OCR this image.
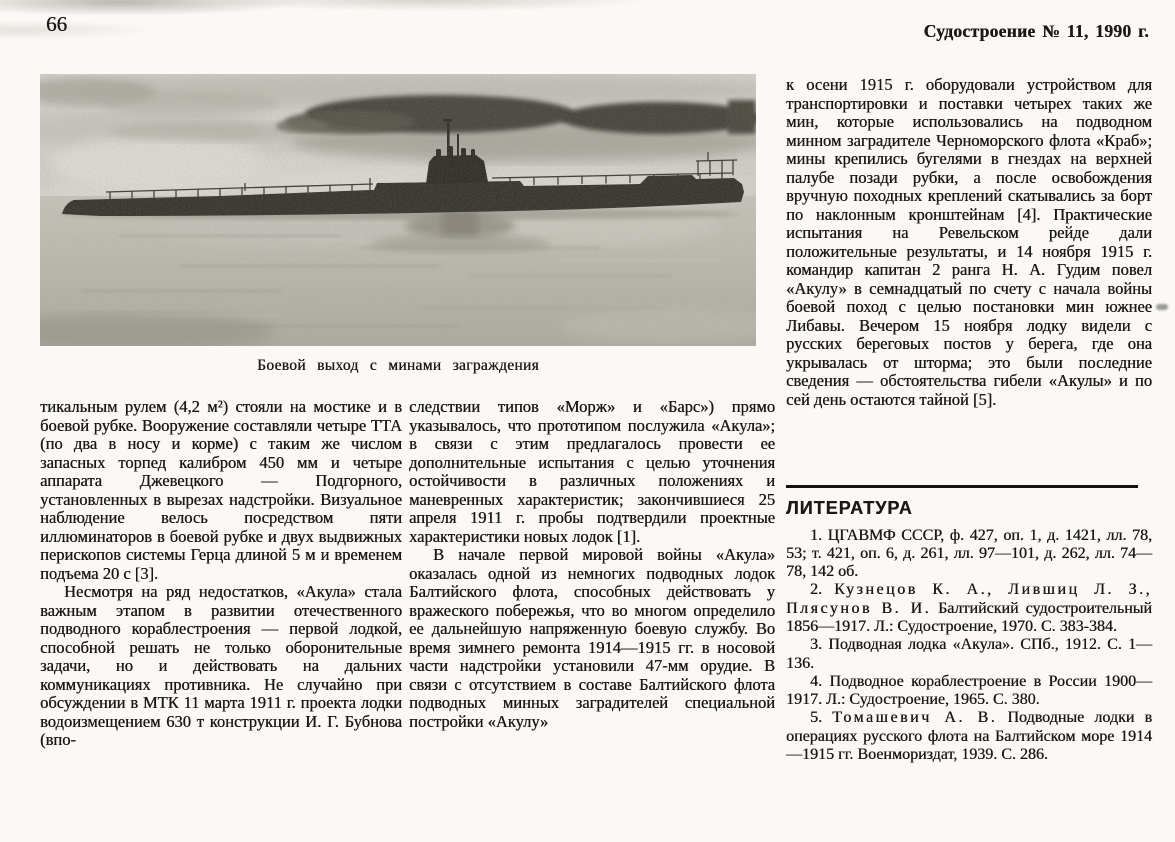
66	Судостроение № 11, 1990 г.
Боевой выход с минами заграждения

тикальным рулем (4,2 м²) стояли на мостике и в боевой рубке. Вооружение составляли четыре ТТА (по два в носу и корме) с таким же числом запасных торпед калибром 450 мм и четыре аппарата Джевецкого — Подгорного, установленных в вырезах надстройки. Визуальное наблюдение велось посредством пяти иллюминаторов в боевой рубке и двух выдвижных перископов системы Герца длиной 5 м и временем подъема 20 с [3].

Несмотря на ряд недостатков, «Акула» стала важным этапом в развитии отечественного подводного кораблестроения — первой лодкой, способной решать не только оборонительные задачи, но и действовать на дальних коммуникациях противника. Не случайно при обсуждении в МТК 11 марта 1911 г. проекта лодки водоизмещением 630 т конструкции И. Г. Бубнова (впо-

следствии типов «Морж» и «Барс») прямо указывалось, что прототипом послужила «Акула»; в связи с этим предлагалось провести ее дополнительные испытания с целью уточнения остойчивости в различных положениях и маневренных характеристик; закончившиеся 25 апреля 1911 г. пробы подтвердили проектные характеристики новых лодок [1].

В начале первой мировой войны «Акула» оказалась одной из немногих подводных лодок Балтийского флота, способных действовать у вражеского побережья, что во многом определило ее дальнейшую напряженную боевую службу. Во время зимнего ремонта 1914—1915 гг. в носовой части надстройки установили 47-мм орудие. В связи с отсутствием в составе Балтийского флота подводных минных заградителей специальной постройки «Акулу»

к осени 1915 г. оборудовали устройством для транспортировки и поставки четырех таких же мин, которые использовались на подводном минном заградителе Черноморского флота «Краб»; мины крепились бугелями в гнездах на верхней палубе позади рубки, а после освобождения вручную походных креплений скатывались за борт по наклонным кронштейнам [4]. Практические испытания на Ревельском рейде дали положительные результаты, и 14 ноября 1915 г. командир капитан 2 ранга Н. А. Гудим повел «Акулу» в семнадцатый по счету с начала войны боевой поход с целью постановки мин южнее Либавы. Вечером 15 ноября лодку видели с русских береговых постов у берега, где она укрывалась от шторма; это были последние сведения — обстоятельства гибели «Акулы» и по сей день остаются тайной [5].

ЛИТЕРАТУРА

1. ЦГАВМФ СССР, ф. 427, оп. 1, д. 1421, лл. 78, 53; т. 421, оп. 6, д. 261, лл. 97—101, д. 262, лл. 74—78, 142 об.

2. Кузнецов К. А., Лившиц Л. З., Плясунов В. И. Балтийский судостроительный 1856—1917. Л.: Судостроение, 1970. С. 383-384.

3. Подводная лодка «Акула». СПб., 1912. С. 1—136.

4. Подводное кораблестроение в России 1900—1917. Л.: Судостроение, 1965. С. 380.

5. Томашевич А. В. Подводные лодки в операциях русского флота на Балтийском море 1914—1915 гг. Военмориздат, 1939. С. 286.
